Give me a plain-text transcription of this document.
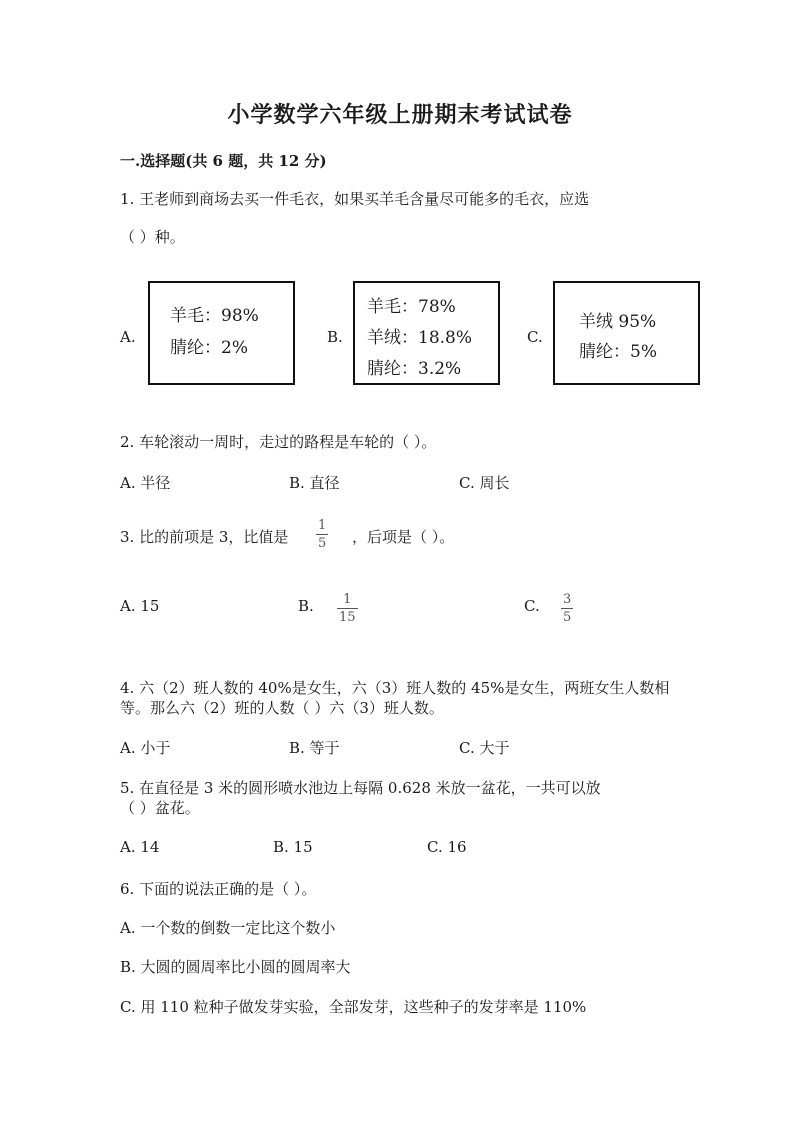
小学数学六年级上册期末考试试卷
一.选择题(共 6 题，共 12 分)
1. 王老师到商场去买一件毛衣，如果买羊毛含量尽可能多的毛衣，应选
（ ）种。
A.
羊毛：98%
腈纶：2%
B.
羊毛：78%
羊绒：18.8%
腈纶：3.2%
C.
羊绒 95%
腈纶：5%
2. 车轮滚动一周时，走过的路程是车轮的（ ）。
A. 半径	B. 直径	C. 周长
3. 比的前项是 3，比值是
1
5 ，后项是（ ）。
A. 15	B. 1
15
C. 3
5
4. 六（2）班人数的 40%是女生，六（3）班人数的 45%是女生，两班女生人数相
等。那么六（2）班的人数（ ）六（3）班人数。
A. 小于	B. 等于	C. 大于
5. 在直径是 3 米的圆形喷水池边上每隔 0.628 米放一盆花，一共可以放
（ ）盆花。
A. 14	B. 15	C. 16
6. 下面的说法正确的是（ ）。
A. 一个数的倒数一定比这个数小
B. 大圆的圆周率比小圆的圆周率大
C. 用 110 粒种子做发芽实验，全部发芽，这些种子的发芽率是 110%
